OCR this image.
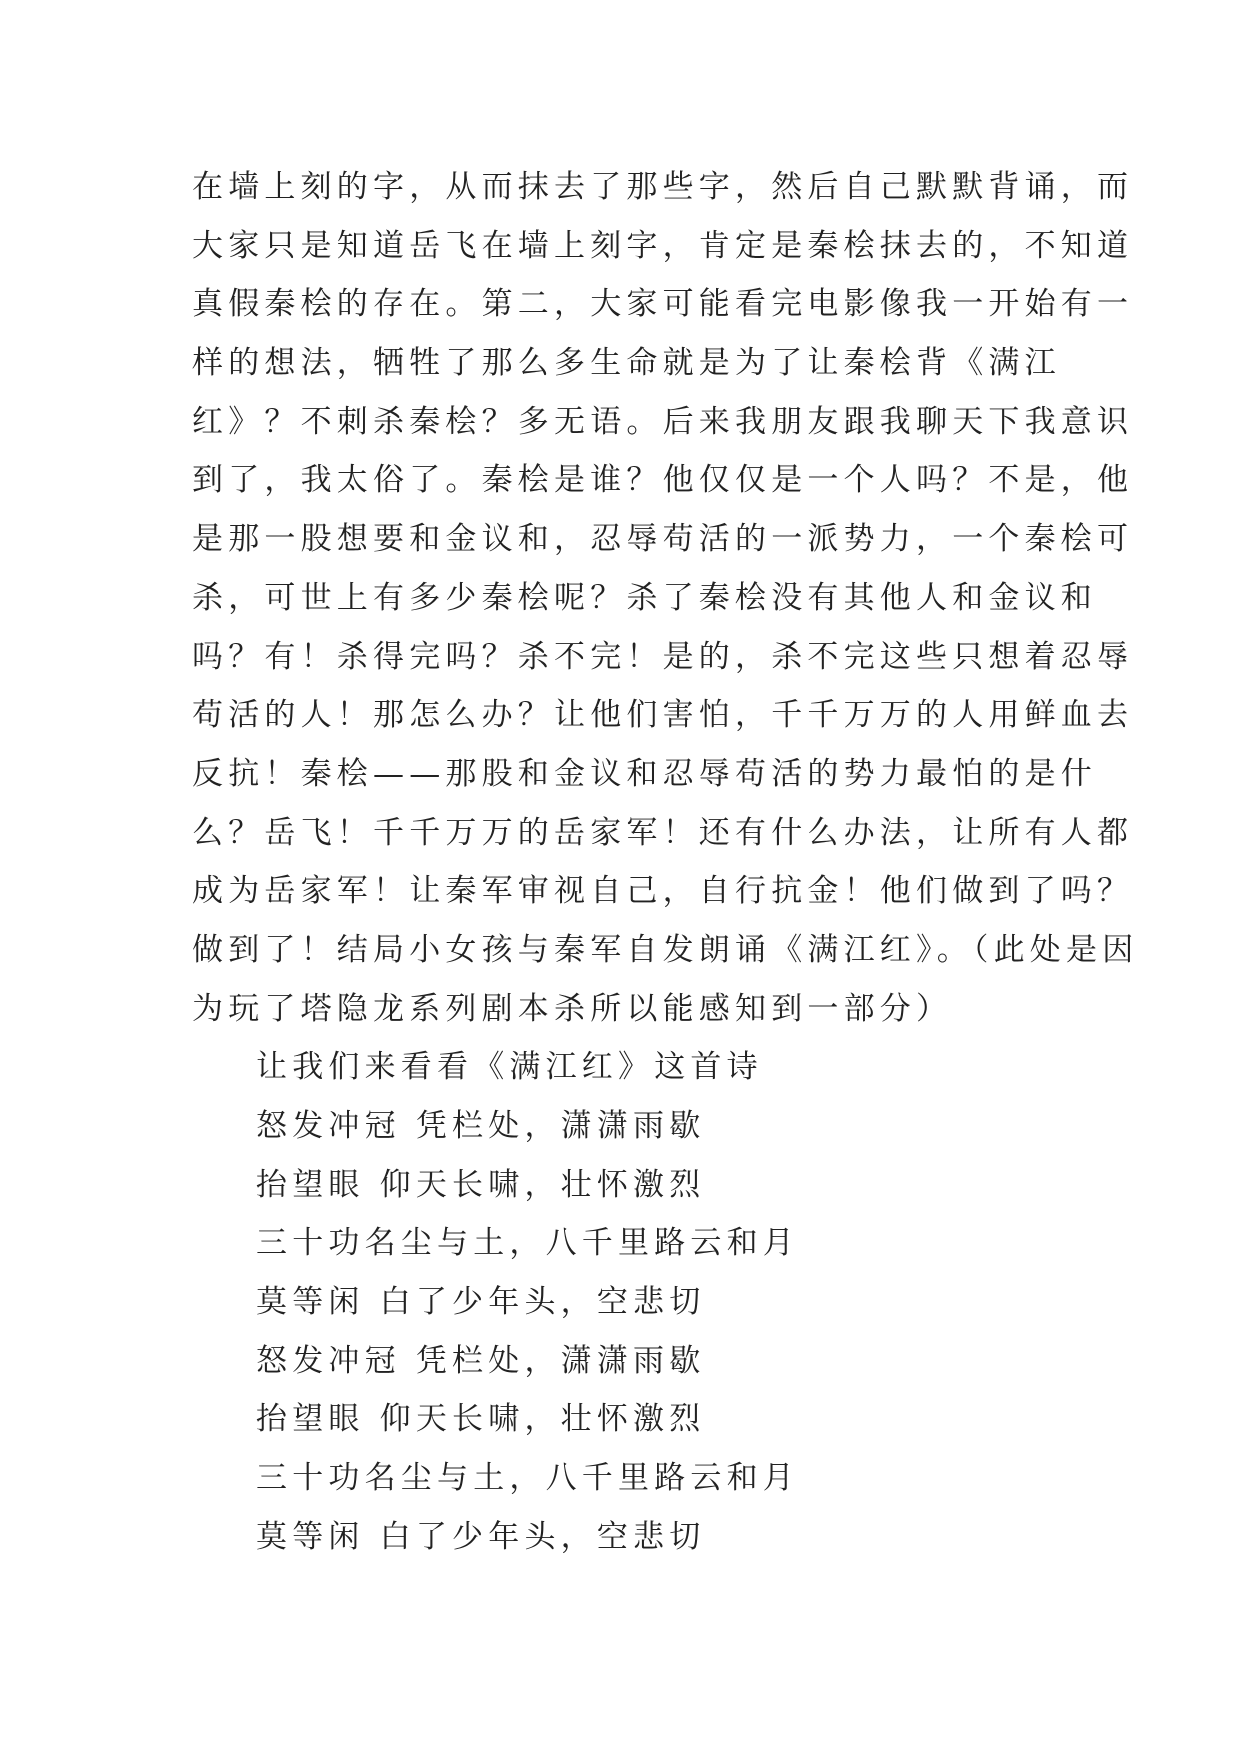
在墙上刻的字，从而抹去了那些字，然后自己默默背诵，而
大家只是知道岳飞在墙上刻字，肯定是秦桧抹去的，不知道
真假秦桧的存在。第二，大家可能看完电影像我一开始有一
样的想法，牺牲了那么多生命就是为了让秦桧背《满江
红》？不刺杀秦桧？多无语。后来我朋友跟我聊天下我意识
到了，我太俗了。秦桧是谁？他仅仅是一个人吗？不是，他
是那一股想要和金议和，忍辱苟活的一派势力，一个秦桧可
杀，可世上有多少秦桧呢？杀了秦桧没有其他人和金议和
吗？有！杀得完吗？杀不完！是的，杀不完这些只想着忍辱
苟活的人！那怎么办？让他们害怕，千千万万的人用鲜血去
反抗！秦桧——那股和金议和忍辱苟活的势力最怕的是什
么？岳飞！千千万万的岳家军！还有什么办法，让所有人都
成为岳家军！让秦军审视自己，自行抗金！他们做到了吗？
做到了！结局小女孩与秦军自发朗诵《满江红》。（此处是因
为玩了塔隐龙系列剧本杀所以能感知到一部分）
让我们来看看《满江红》这首诗
怒发冲冠 凭栏处，潇潇雨歇
抬望眼 仰天长啸，壮怀激烈
三十功名尘与土，八千里路云和月
莫等闲 白了少年头，空悲切
怒发冲冠 凭栏处，潇潇雨歇
抬望眼 仰天长啸，壮怀激烈
三十功名尘与土，八千里路云和月
莫等闲 白了少年头，空悲切
